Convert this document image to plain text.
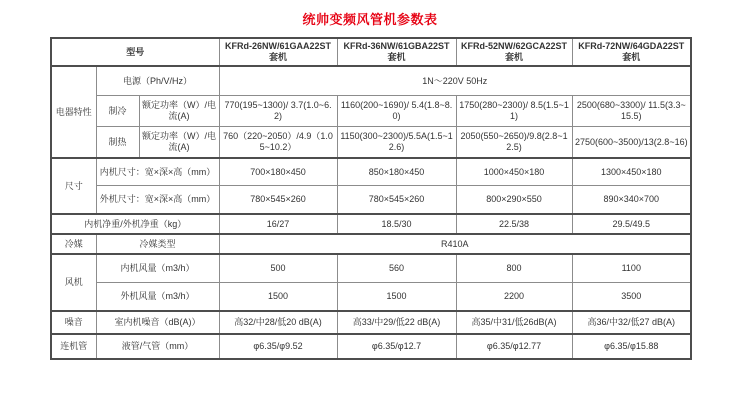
统帅变频风管机参数表
型号			KFRd-26NW/61GAA22ST套机	KFRd-36NW/61GBA22ST套机	KFRd-52NW/62GCA22ST套机	KFRd-72NW/64GDA22ST套机
电器特性	电源（Ph/V/Hz）		1N～220V 50Hz			
	制冷	额定功率（W）/电流(A)	770(195~1300)/ 3.7(1.0~6.2)	1160(200~1690)/ 5.4(1.8~8.0)	1750(280~2300)/ 8.5(1.5~11)	2500(680~3300)/ 11.5(3.3~15.5)
	制热	额定功率（W）/电流(A)	760（220~2050）/4.9（1.05~10.2）	1150(300~2300)/5.5A(1.5~12.6)	2050(550~2650)/9.8(2.8~12.5)	2750(600~3500)/13(2.8~16)
尺寸	内机尺寸：宽×深×高（mm）		700×180×450	850×180×450	1000×450×180	1300×450×180
	外机尺寸：宽×深×高（mm）		780×545×260	780×545×260	800×290×550	890×340×700
内机净重/外机净重（kg）			16/27	18.5/30	22.5/38	29.5/49.5
冷媒	冷媒类型		R410A			
风机	内机风量（m3/h）		500	560	800	1100
	外机风量（m3/h）		1500	1500	2200	3500
噪音	室内机噪音（dB(A)）		高32/中28/低20 dB(A)	高33/中29/低22 dB(A)	高35/中31/低26dB(A)	高36/中32/低27 dB(A)
连机管	液管/气管（mm）		φ6.35/φ9.52	φ6.35/φ12.7	φ6.35/φ12.77	φ6.35/φ15.88
